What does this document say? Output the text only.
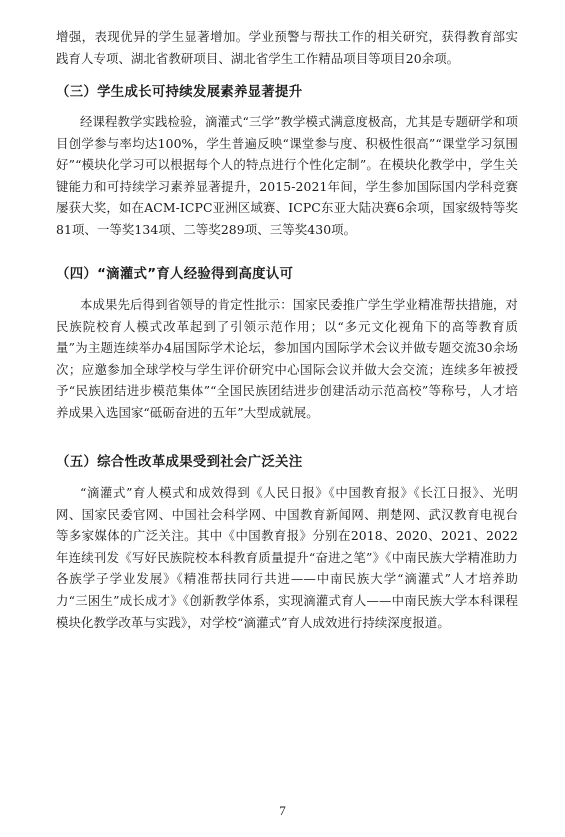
增强，表现优异的学生显著增加。学业预警与帮扶工作的相关研究，获得教育部实践育人专项、湖北省教研项目、湖北省学生工作精品项目等项目20余项。
（三）学生成长可持续发展素养显著提升
经课程教学实践检验，滴灌式“三学”教学模式满意度极高，尤其是专题研学和项目创学参与率均达100%，学生普遍反映“课堂参与度、积极性很高”“课堂学习氛围好”“模块化学习可以根据每个人的特点进行个性化定制”。在模块化教学中，学生关键能力和可持续学习素养显著提升，2015-2021年间，学生参加国际国内学科竞赛屡获大奖，如在ACM-ICPC亚洲区域赛、ICPC东亚大陆决赛6余项，国家级特等奖81项、一等奖134项、二等奖289项、三等奖430项。
（四）“滴灌式”育人经验得到高度认可
本成果先后得到省领导的肯定性批示：国家民委推广学生学业精准帮扶措施，对民族院校育人模式改革起到了引领示范作用；以“多元文化视角下的高等教育质量”为主题连续举办4届国际学术论坛，参加国内国际学术会议并做专题交流30余场次；应邀参加全球学校与学生评价研究中心国际会议并做大会交流；连续多年被授予“民族团结进步模范集体”“全国民族团结进步创建活动示范高校”等称号，人才培养成果入选国家“砥砺奋进的五年”大型成就展。
（五）综合性改革成果受到社会广泛关注
“滴灌式”育人模式和成效得到《人民日报》《中国教育报》《长江日报》、光明网、国家民委官网、中国社会科学网、中国教育新闻网、荆楚网、武汉教育电视台等多家媒体的广泛关注。其中《中国教育报》分别在2018、2020、2021、2022年连续刊发《写好民族院校本科教育质量提升“奋进之笔”》《中南民族大学精准助力各族学子学业发展》《精准帮扶同行共进——中南民族大学“滴灌式”人才培养助力“三困生”成长成才》《创新教学体系，实现滴灌式育人——中南民族大学本科课程模块化教学改革与实践》，对学校“滴灌式”育人成效进行持续深度报道。
7
